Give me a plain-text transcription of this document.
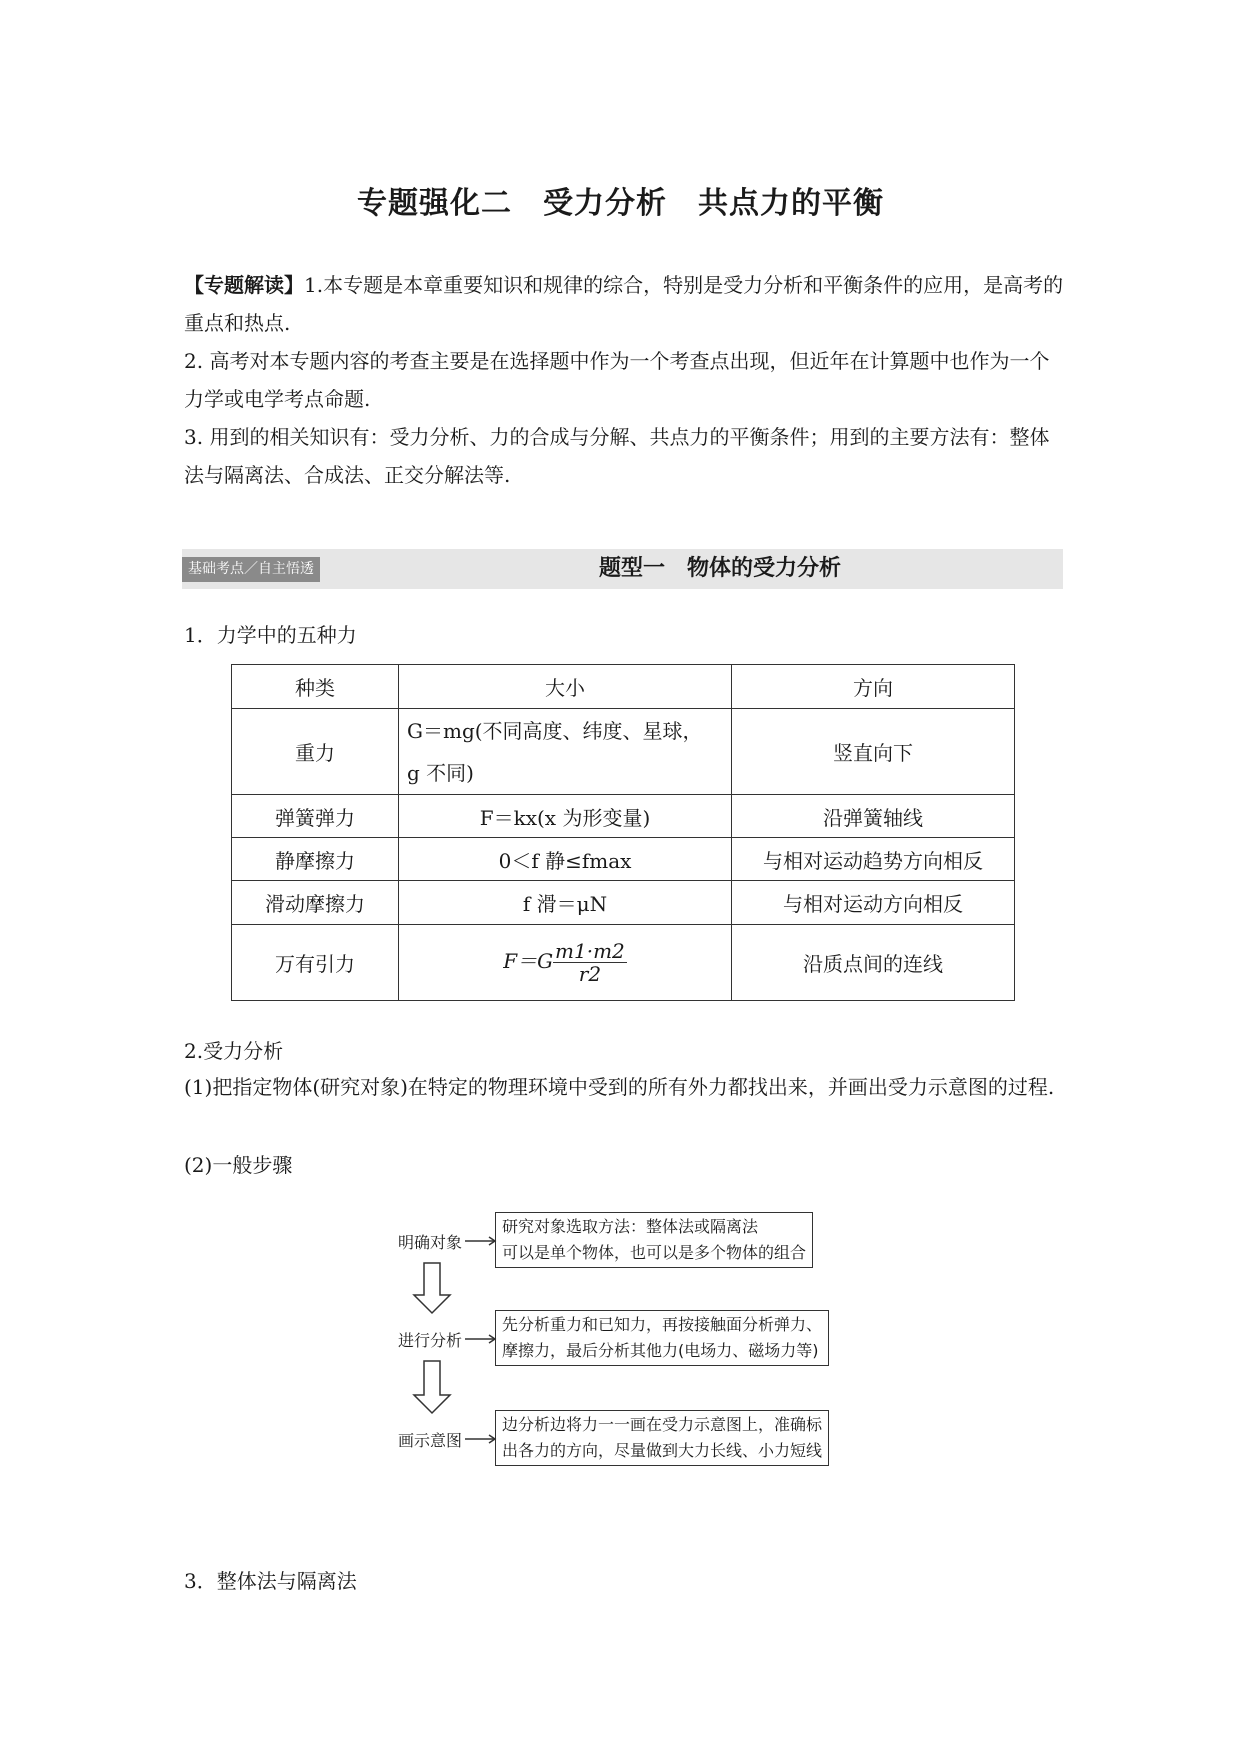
专题强化二　受力分析　共点力的平衡
【专题解读】1.本专题是本章重要知识和规律的综合，特别是受力分析和平衡条件的应用，是高考的重点和热点.
2. 高考对本专题内容的考查主要是在选择题中作为一个考查点出现，但近年在计算题中也作为一个力学或电学考点命题.
3. 用到的相关知识有：受力分析、力的合成与分解、共点力的平衡条件；用到的主要方法有：整体法与隔离法、合成法、正交分解法等.
基础考点／自主悟透	题型一　物体的受力分析
1．力学中的五种力
种类	大小	方向
重力	G＝mg(不同高度、纬度、星球，
g 不同)	竖直向下
弹簧弹力	F＝kx(x 为形变量)	沿弹簧轴线
静摩擦力	0＜f 静≤fmax	与相对运动趋势方向相反
滑动摩擦力	f 滑＝μN	与相对运动方向相反
万有引力	$F=G \frac{m1\cdot m2}{r2}$	沿质点间的连线
2.受力分析
(1)把指定物体(研究对象)在特定的物理环境中受到的所有外力都找出来，并画出受力示意图的过程.
(2)一般步骤
明确对象
研究对象选取方法：整体法或隔离法
可以是单个物体，也可以是多个物体的组合
进行分析
先分析重力和已知力，再按接触面分析弹力、
摩擦力，最后分析其他力(电场力、磁场力等)
画示意图
边分析边将力一一画在受力示意图上，准确标
出各力的方向，尽量做到大力长线、小力短线
3．整体法与隔离法
